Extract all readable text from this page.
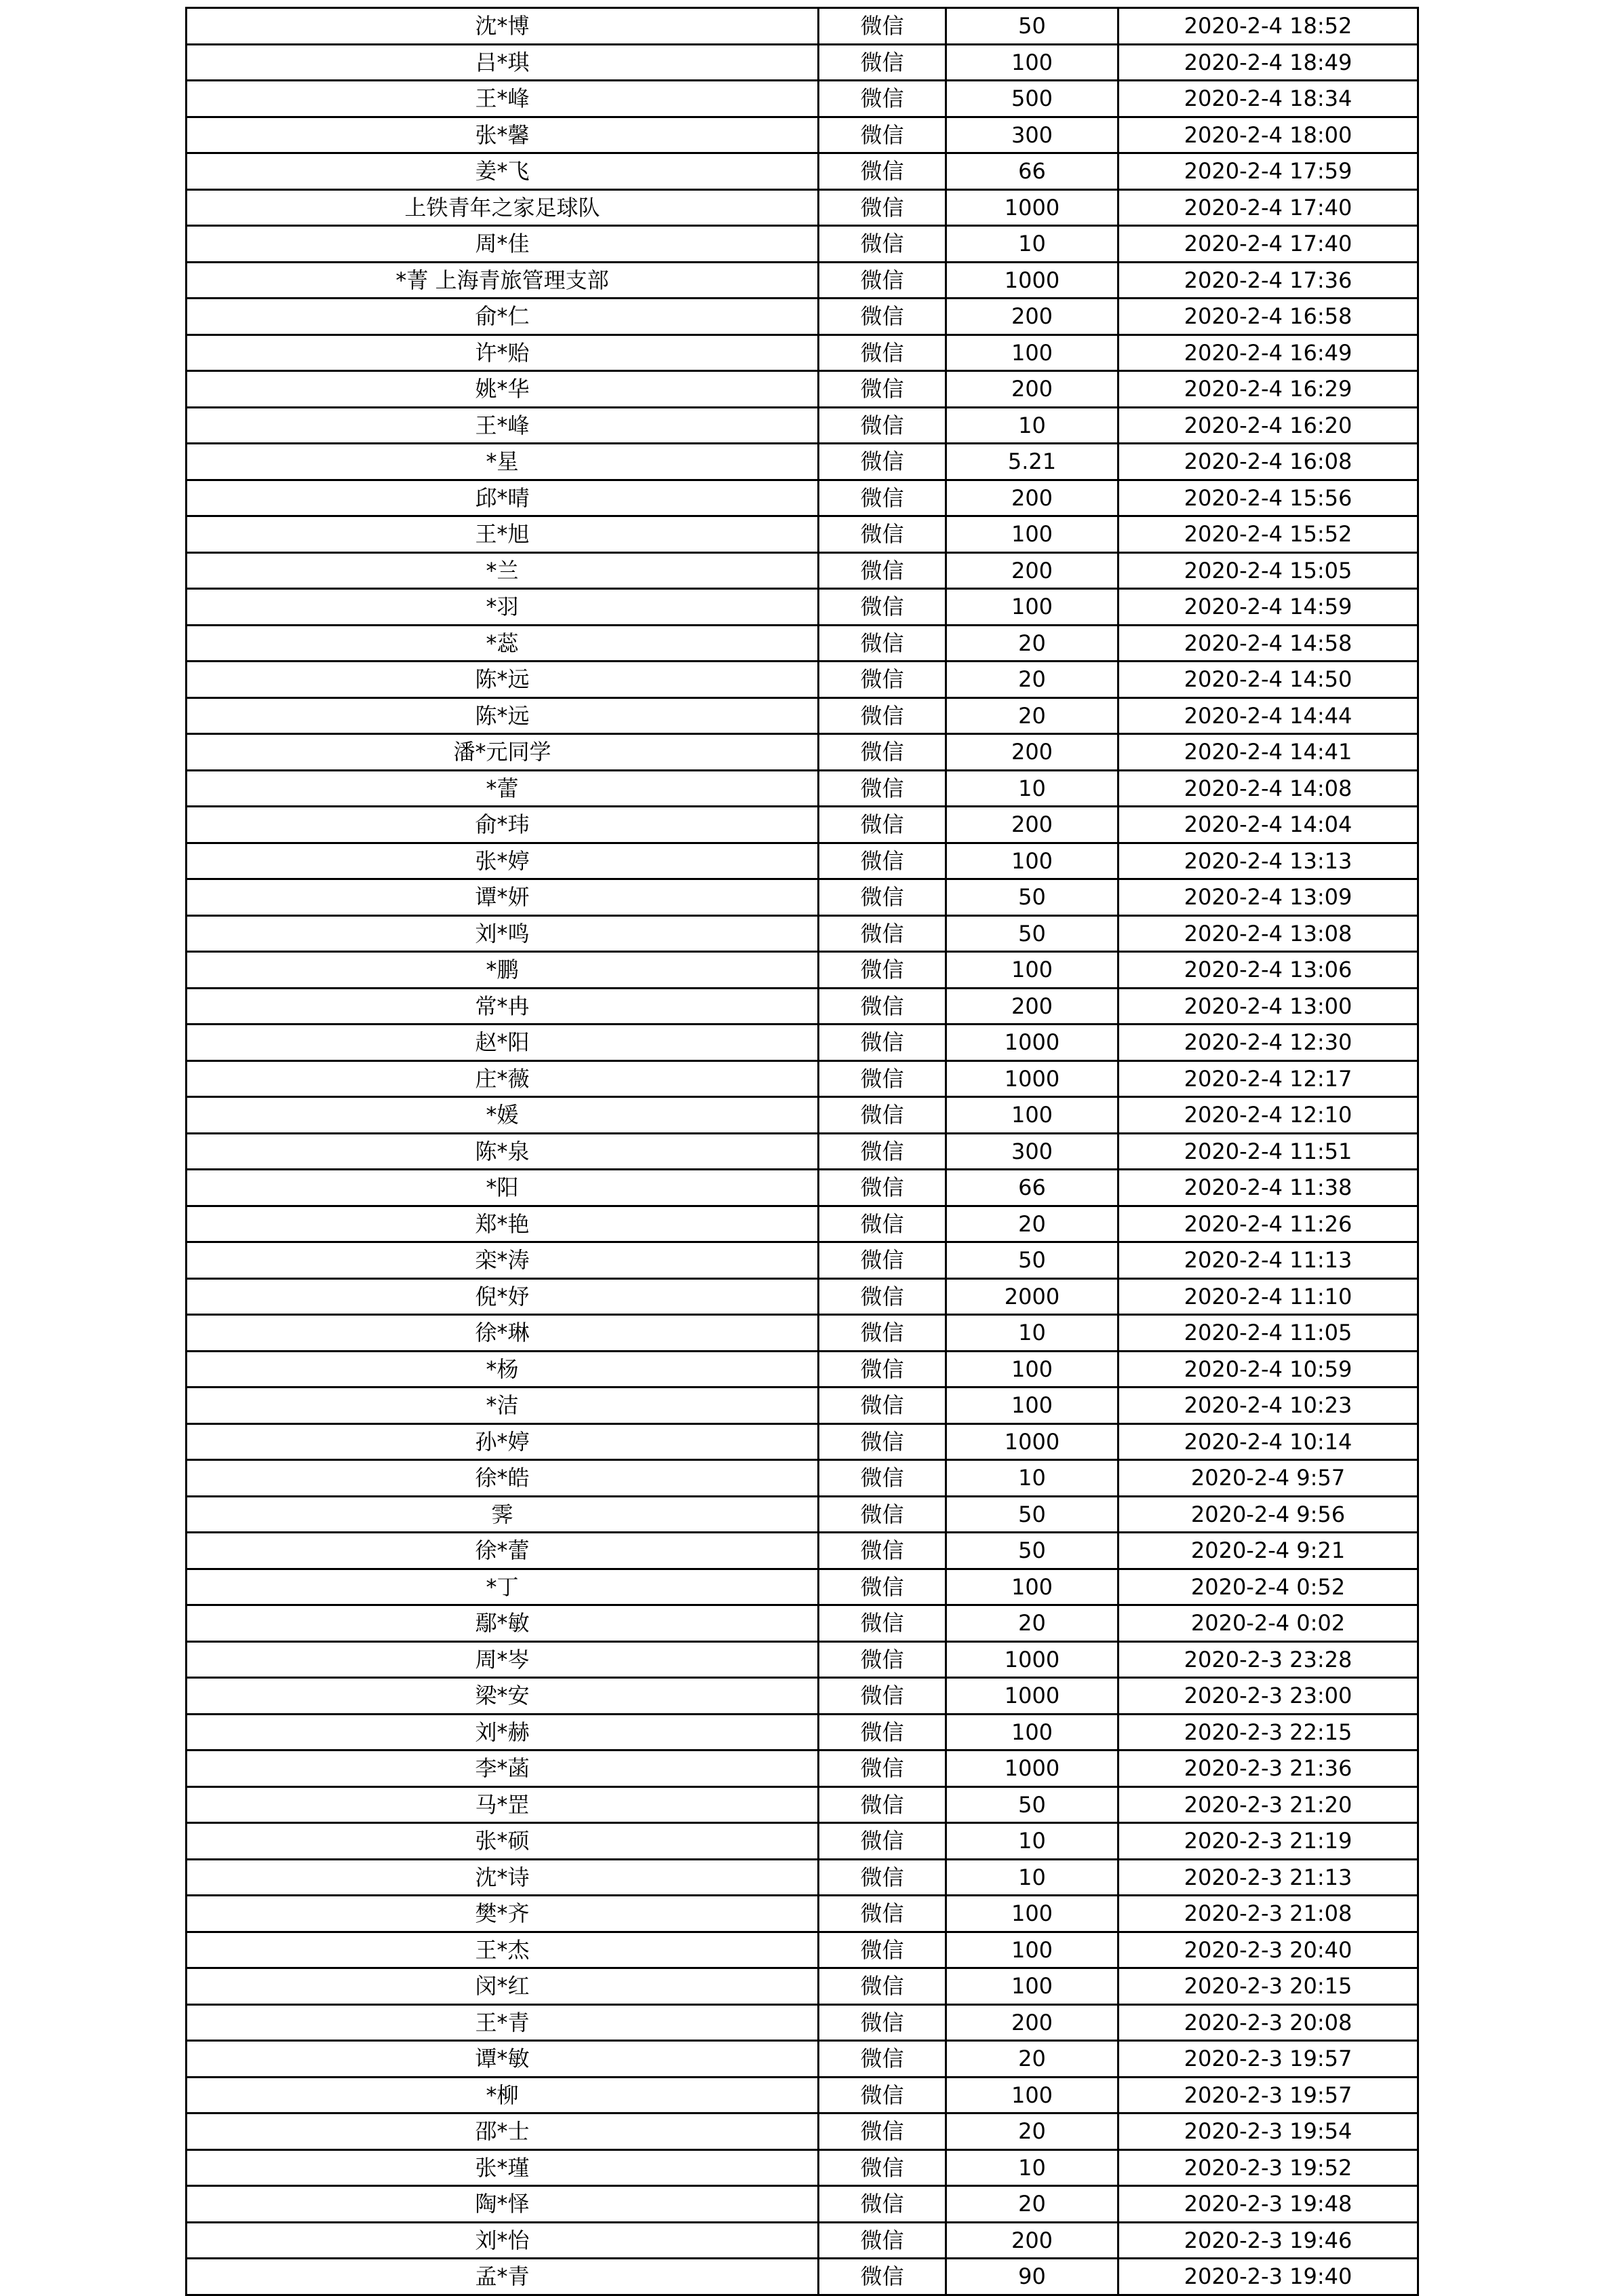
沈*博	微信	50	2020-2-4 18:52
吕*琪	微信	100	2020-2-4 18:49
王*峰	微信	500	2020-2-4 18:34
张*馨	微信	300	2020-2-4 18:00
姜*飞	微信	66	2020-2-4 17:59
上铁青年之家足球队	微信	1000	2020-2-4 17:40
周*佳	微信	10	2020-2-4 17:40
*菁 上海青旅管理支部	微信	1000	2020-2-4 17:36
俞*仁	微信	200	2020-2-4 16:58
许*贻	微信	100	2020-2-4 16:49
姚*华	微信	200	2020-2-4 16:29
王*峰	微信	10	2020-2-4 16:20
*星	微信	5.21	2020-2-4 16:08
邱*晴	微信	200	2020-2-4 15:56
王*旭	微信	100	2020-2-4 15:52
*兰	微信	200	2020-2-4 15:05
*羽	微信	100	2020-2-4 14:59
*蕊	微信	20	2020-2-4 14:58
陈*远	微信	20	2020-2-4 14:50
陈*远	微信	20	2020-2-4 14:44
潘*元同学	微信	200	2020-2-4 14:41
*蕾	微信	10	2020-2-4 14:08
俞*玮	微信	200	2020-2-4 14:04
张*婷	微信	100	2020-2-4 13:13
谭*妍	微信	50	2020-2-4 13:09
刘*鸣	微信	50	2020-2-4 13:08
*鹏	微信	100	2020-2-4 13:06
常*冉	微信	200	2020-2-4 13:00
赵*阳	微信	1000	2020-2-4 12:30
庄*薇	微信	1000	2020-2-4 12:17
*媛	微信	100	2020-2-4 12:10
陈*泉	微信	300	2020-2-4 11:51
*阳	微信	66	2020-2-4 11:38
郑*艳	微信	20	2020-2-4 11:26
栾*涛	微信	50	2020-2-4 11:13
倪*妤	微信	2000	2020-2-4 11:10
徐*琳	微信	10	2020-2-4 11:05
*杨	微信	100	2020-2-4 10:59
*洁	微信	100	2020-2-4 10:23
孙*婷	微信	1000	2020-2-4 10:14
徐*皓	微信	10	2020-2-4 9:57
霁	微信	50	2020-2-4 9:56
徐*蕾	微信	50	2020-2-4 9:21
*丁	微信	100	2020-2-4 0:52
鄢*敏	微信	20	2020-2-4 0:02
周*岑	微信	1000	2020-2-3 23:28
梁*安	微信	1000	2020-2-3 23:00
刘*赫	微信	100	2020-2-3 22:15
李*菡	微信	1000	2020-2-3 21:36
马*罡	微信	50	2020-2-3 21:20
张*硕	微信	10	2020-2-3 21:19
沈*诗	微信	10	2020-2-3 21:13
樊*齐	微信	100	2020-2-3 21:08
王*杰	微信	100	2020-2-3 20:40
闵*红	微信	100	2020-2-3 20:15
王*青	微信	200	2020-2-3 20:08
谭*敏	微信	20	2020-2-3 19:57
*柳	微信	100	2020-2-3 19:57
邵*士	微信	20	2020-2-3 19:54
张*瑾	微信	10	2020-2-3 19:52
陶*怿	微信	20	2020-2-3 19:48
刘*怡	微信	200	2020-2-3 19:46
孟*青	微信	90	2020-2-3 19:40
